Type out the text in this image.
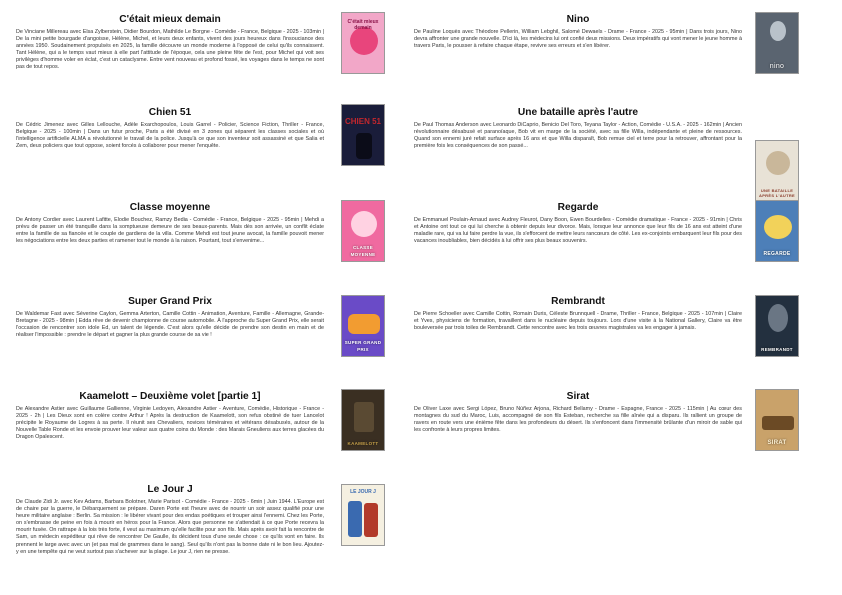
C'était mieux demain
De Vinciane Millereau avec Elsa Zylberstein, Didier Bourdon, Mathilde Le Borgne - Comédie - France, Belgique - 2025 - 103min | De la mini petite bourgade d'angoisse, Hélène, Michel, et leurs deux enfants, vivent des jours heureux dans l'insouciance des années 1950. Soudainement propulsés en 2025, la famille découvre un monde moderne à l'opposé de celui qu'ils connaissent. Tant Hélène, qui a le temps vaut mieux à elle part l'attitude de l'époque, cela une pleine fête de l'est, pour Michel qui voit ses privilèges d'homme voler en éclat, c'est un cataclysme. Entre vent nouveau et profond fossé, les voyages dans le temps ne sont pas de tout repos.
C'était mieux demain
Chien 51
De Cédric Jimenez avec Gilles Lellouche, Adèle Exarchopoulos, Louis Garrel - Policier, Science Fiction, Thriller - France, Belgique - 2025 - 100min | Dans un futur proche, Paris a été divisé en 3 zones qui séparent les classes sociales et où l'intelligence artificielle ALMA a révolutionné le travail de la police. Jusqu'à ce que son inventeur soit assassiné et que Salia et Zem, deux policiers que tout oppose, soient forcés à collaborer pour mener l'enquête.
CHIEN 51
Classe moyenne
De Antony Cordier avec Laurent Lafitte, Élodie Bouchez, Ramzy Bedia - Comédie - France, Belgique - 2025 - 95min | Mehdi a prévu de passer un été tranquille dans la somptueuse demeure de ses beaux-parents. Mais dès son arrivée, un conflit éclate entre la famille de sa fiancée et le couple de gardiens de la villa. Comme Mehdi est tout jeune avocat, la famille pouvoit mener les négociations entre les deux parties et ramener tout le monde à la raison. Pourtant, tout s'envenime...
CLASSE MOYENNE
Super Grand Prix
De Waldemar Fast avec Séverine Caylon, Gemma Arterton, Camille Cottin - Animation, Aventure, Famille - Allemagne, Grande-Bretagne - 2025 - 98min | Edda rêve de devenir championne de course automobile. À l'approche du Super Grand Prix, elle serait l'occasion de rencontrer son idole Ed, un talent de légende. C'est alors qu'elle décide de prendre son destin en main et de réaliser l'impossible : prendre le départ et gagner la plus grande course de sa vie !
SUPER GRAND PRIX
Kaamelott – Deuxième volet [partie 1]
De Alexandre Astier avec Guillaume Gallienne, Virginie Ledoyen, Alexandre Astier - Aventure, Comédie, Historique - France - 2025 - 2h | Les Dieux sont en colère contre Arthur ! Après la destruction de Kaamelott, son refus obstiné de tuer Lancelot précipite le Royaume de Logres à sa perte. Il réunit ses Chevaliers, novices téméraires et vétérans désabusés, autour de la Nouvelle Table Ronde et les envoie prouver leur valeur aux quatre coins du Monde : des Marais Gneuliens aux terres glacées du Dragon Opalescent.
KAAMELOTT
Le Jour J
De Claude Zidi Jr. avec Kev Adams, Barbara Bolotner, Marie Parisot - Comédie - France - 2025 - 6min | Juin 1944. L'Europe est de chaire par la guerre, le Débarquement se prépare. Daren Porte est l'heure avec de nourrir un soir assez qualifié pour une heure militaire anglaise : Berlin. Sa mission : le libérer vivant pour des endas poétiques et trouper ainsi l'ennemi. Chez les Porte, on s'embrasse de peine en fois à mourir en héros pour la France. Alors que personne ne s'attendait à ce que Porte recevra la mourir fusée. On rattrape à la lois très forte, il veut au maximum qu'elle facilite pour son fils. Mais après avoir fait la rencontre de Sam, un médecin expéditeur qui rêve de rencontrer De Gaulle, ils décident tous d'une seule chose : ce qu'ils vont en faire. Ils prennent le large avec avec un (et pas mal de grammes dans le sang). Seul qu'ils n'ont pas la bonne date ni le bon lieu. Ajoutez-y en une tempête qui ne veut surtout pas s'achever sur la plage. Le jour J, rien ne presse.
LE JOUR J
Nino
De Pauline Loquès avec Théodore Pellerin, William Lebghil, Salomé Dewaels - Drame - France - 2025 - 95min | Dans trois jours, Nino devra affronter une grande nouvelle. D'ici là, les médecins lui ont confié deux missions. Deux impératifs qui vont mener le jeune homme à travers Paris, le pousser à refaire chaque étape, revivre ses erreurs et s'en libérer.
nino
Une bataille après l'autre
De Paul Thomas Anderson avec Leonardo DiCaprio, Benicio Del Toro, Teyana Taylor - Action, Comédie - U.S.A. - 2025 - 162min | Ancien révolutionnaire désabusé et paranoïaque, Bob vit en marge de la société, avec sa fille Willa, indépendante et pleine de ressources. Quand son ennemi juré refait surface après 16 ans et que Willa disparaît, Bob remue ciel et terre pour la retrouver, affrontant pour la première fois les conséquences de son passé...
UNE BATAILLE APRÈS L'AUTRE
Regarde
De Emmanuel Poulain-Arnaud avec Audrey Fleurot, Dany Boon, Ewen Bourdelles - Comédie dramatique - France - 2025 - 91min | Chris et Antoine ont tout ce qui lui cherche à obtenir depuis leur divorce. Mais, lorsque leur annonce que leur fils de 16 ans est atteint d'une maladie rare, qui va lui faire perdre la vue, ils s'efforcent de mettre leurs rancœurs de côté. Les ex-conjoints embarquent leur fils pour des vacances inoubliables, bien décidés à lui offrir ses plus beaux souvenirs.
REGARDE
Rembrandt
De Pierre Schoeller avec Camille Cottin, Romain Duris, Céleste Brunnquell - Drame, Thriller - France, Belgique - 2025 - 107min | Claire et Yves, physiciens de formation, travaillent dans le nucléaire depuis toujours. Lors d'une visite à la National Gallery, Claire va être bouleversée par trois toiles de Rembrandt. Cette rencontre avec les trois œuvres magistrales va les engager à jamais.
REMBRANDT
Sirat
De Oliver Laxe avec Sergi López, Bruno Núñez Arjona, Richard Bellamy - Drame - Espagne, France - 2025 - 115min | Au cœur des montagnes du sud du Maroc, Luis, accompagné de son fils Esteban, recherche sa fille aînée qui a disparu. Ils rallient un groupe de ravers en route vers une énième fête dans les profondeurs du désert. Ils s'enfoncent dans l'immensité brûlante d'un miroir de sable qui les confronte à leurs propres limites.
SIRAT
